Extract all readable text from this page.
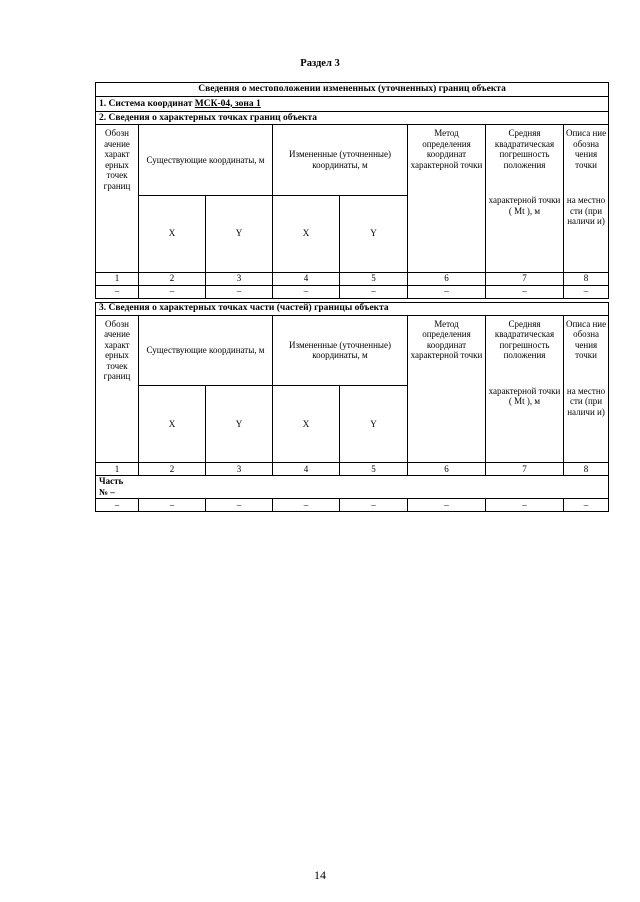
Раздел 3
Сведения о местоположении измененных (уточненных) границ объекта							
1. Система координат МСК-04, зона 1							
2. Сведения о характерных точках границ объекта							
Обозн ачение характ ерных точек границ	Существующие координаты, м		Измененные (уточненные) координаты, м		Метод определения координат характерной точки	Средняя квадратическая погрешность положения	Описа ние обозна чения точки
	X	Y	X	Y		характерной точки ( Mt ), м	на местно сти (при наличи и)
1	2	3	4	5	6	7	8
–	–	–	–	–	–	–	–

3. Сведения о характерных точках части (частей) границы объекта							
Обозн ачение характ ерных точек границ	Существующие координаты, м		Измененные (уточненные) координаты, м		Метод определения координат характерной точки	Средняя квадратическая погрешность положения	Описа ние обозна чения точки
	X	Y	X	Y		характерной точки ( Mt ), м	на местно сти (при наличи и)
1	2	3	4	5	6	7	8

Часть
№ –							

–	–	–	–	–	–	–	–
14
